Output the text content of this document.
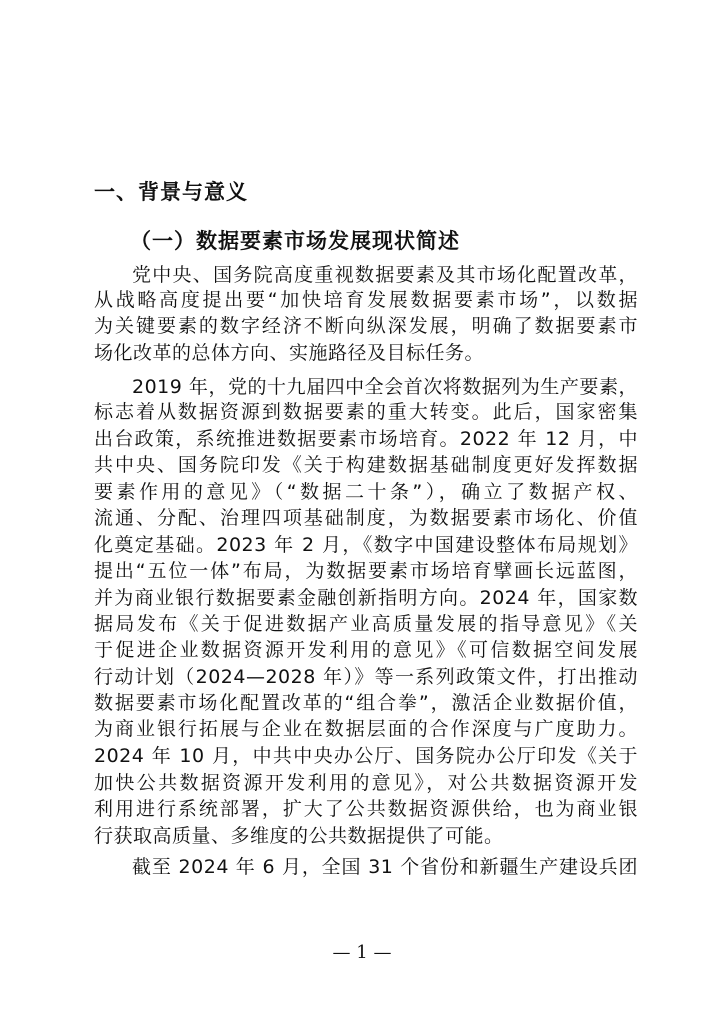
一、背景与意义
（一）数据要素市场发展现状简述
党中央、国务院高度重视数据要素及其市场化配置改革，
从战略高度提出要“加快培育发展数据要素市场”，以数据
为关键要素的数字经济不断向纵深发展，明确了数据要素市
场化改革的总体方向、实施路径及目标任务。
2019 年，党的十九届四中全会首次将数据列为生产要素，
标志着从数据资源到数据要素的重大转变。此后，国家密集
出台政策，系统推进数据要素市场培育。2022 年 12 月，中
共中央、国务院印发《关于构建数据基础制度更好发挥数据
要素作用的意见》（“数据二十条”），确立了数据产权、
流通、分配、治理四项基础制度，为数据要素市场化、价值
化奠定基础。2023 年 2 月，《数字中国建设整体布局规划》
提出“五位一体”布局，为数据要素市场培育擘画长远蓝图，
并为商业银行数据要素金融创新指明方向。2024 年，国家数
据局发布《关于促进数据产业高质量发展的指导意见》《关
于促进企业数据资源开发利用的意见》《可信数据空间发展
行动计划（2024—2028 年）》等一系列政策文件，打出推动
数据要素市场化配置改革的“组合拳”，激活企业数据价值，
为商业银行拓展与企业在数据层面的合作深度与广度助力。
2024 年 10 月，中共中央办公厅、国务院办公厅印发《关于
加快公共数据资源开发利用的意见》，对公共数据资源开发
利用进行系统部署，扩大了公共数据资源供给，也为商业银
行获取高质量、多维度的公共数据提供了可能。
截至 2024 年 6 月，全国 31 个省份和新疆生产建设兵团
— 1 —
